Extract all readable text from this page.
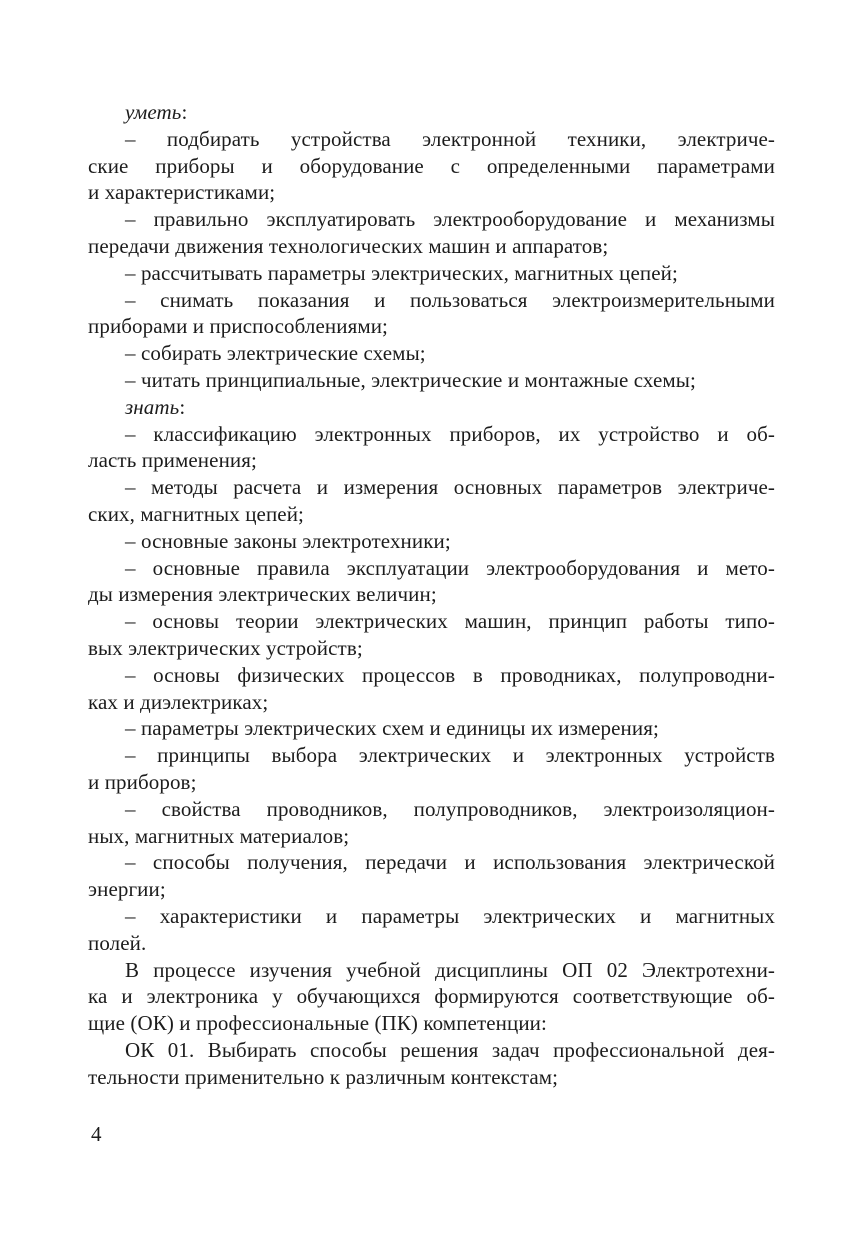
уметь:
– подбирать устройства электронной техники, электриче-
ские приборы и оборудование с определенными параметрами
и характеристиками;
– правильно эксплуатировать электрооборудование и механизмы
передачи движения технологических машин и аппаратов;
– рассчитывать параметры электрических, магнитных цепей;
– снимать показания и пользоваться электроизмерительными
приборами и приспособлениями;
– собирать электрические схемы;
– читать принципиальные, электрические и монтажные схемы;
знать:
– классификацию электронных приборов, их устройство и об-
ласть применения;
– методы расчета и измерения основных параметров электриче-
ских, магнитных цепей;
– основные законы электротехники;
– основные правила эксплуатации электрооборудования и мето-
ды измерения электрических величин;
– основы теории электрических машин, принцип работы типо-
вых электрических устройств;
– основы физических процессов в проводниках, полупроводни-
ках и диэлектриках;
– параметры электрических схем и единицы их измерения;
– принципы выбора электрических и электронных устройств
и приборов;
– свойства проводников, полупроводников, электроизоляцион-
ных, магнитных материалов;
– способы получения, передачи и использования электрической
энергии;
– характеристики и параметры электрических и магнитных
полей.
В процессе изучения учебной дисциплины ОП 02 Электротехни-
ка и электроника у обучающихся формируются соответствующие об-
щие (ОК) и профессиональные (ПК) компетенции:
ОК 01. Выбирать способы решения задач профессиональной дея-
тельности применительно к различным контекстам;
4
